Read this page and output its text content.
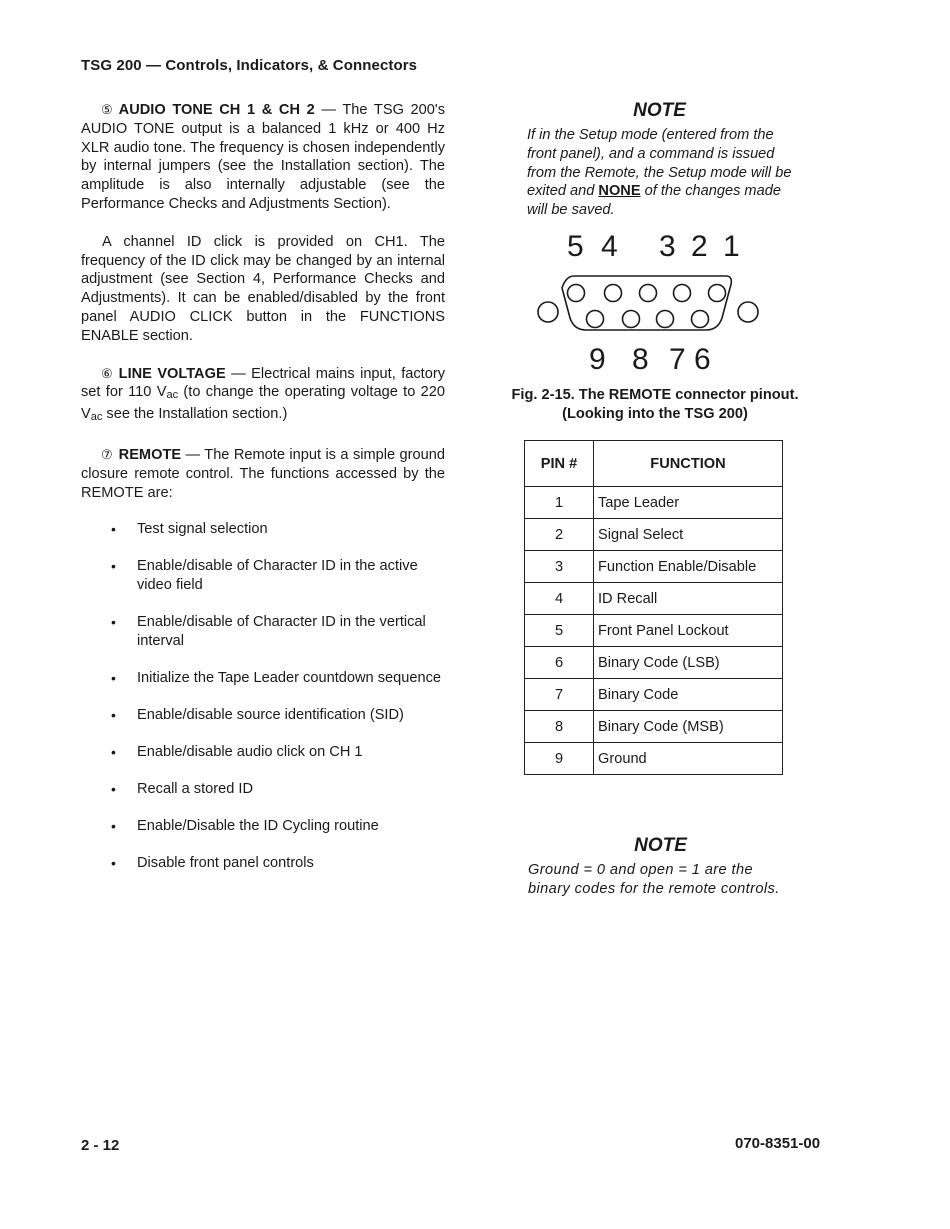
TSG 200 — Controls, Indicators, & Connectors

⑤ AUDIO TONE CH 1 & CH 2 — The TSG 200's AUDIO TONE output is a balanced 1 kHz or 400 Hz XLR audio tone. The frequency is chosen independently by internal jumpers (see the Installation section). The amplitude is also internally adjustable (see the Performance Checks and Adjustments Section).

A channel ID click is provided on CH1. The frequency of the ID click may be changed by an internal adjustment (see Section 4, Performance Checks and Adjustments). It can be enabled/disabled by the front panel AUDIO CLICK button in the FUNCTIONS ENABLE section.

⑥ LINE VOLTAGE — Electrical mains input, factory set for 110 $V_{ac}$ (to change the operating voltage to 220 $V_{ac}$ see the Installation section.)

⑦ REMOTE — The Remote input is a simple ground closure remote control. The functions accessed by the REMOTE are:

• Test signal selection
• Enable/disable of Character ID in the active video field
• Enable/disable of Character ID in the vertical interval
• Initialize the Tape Leader countdown sequence
• Enable/disable source identification (SID)
• Enable/disable audio click on CH 1
• Recall a stored ID
• Enable/Disable the ID Cycling routine
• Disable front panel controls

NOTE

If in the Setup mode (entered from the front panel), and a command is issued from the Remote, the Setup mode will be exited and NONE of the changes made will be saved.

5 4 3 2 1
9 8 7 6
Fig. 2-15. The REMOTE connector pinout.
(Looking into the TSG 200)
PIN #	FUNCTION
1	Tape Leader
2	Signal Select
3	Function Enable/Disable
4	ID Recall
5	Front Panel Lockout
6	Binary Code (LSB)
7	Binary Code
8	Binary Code (MSB)
9	Ground

NOTE

Ground = 0 and open = 1 are the binary codes for the remote controls.

2 - 12	070-8351-00
